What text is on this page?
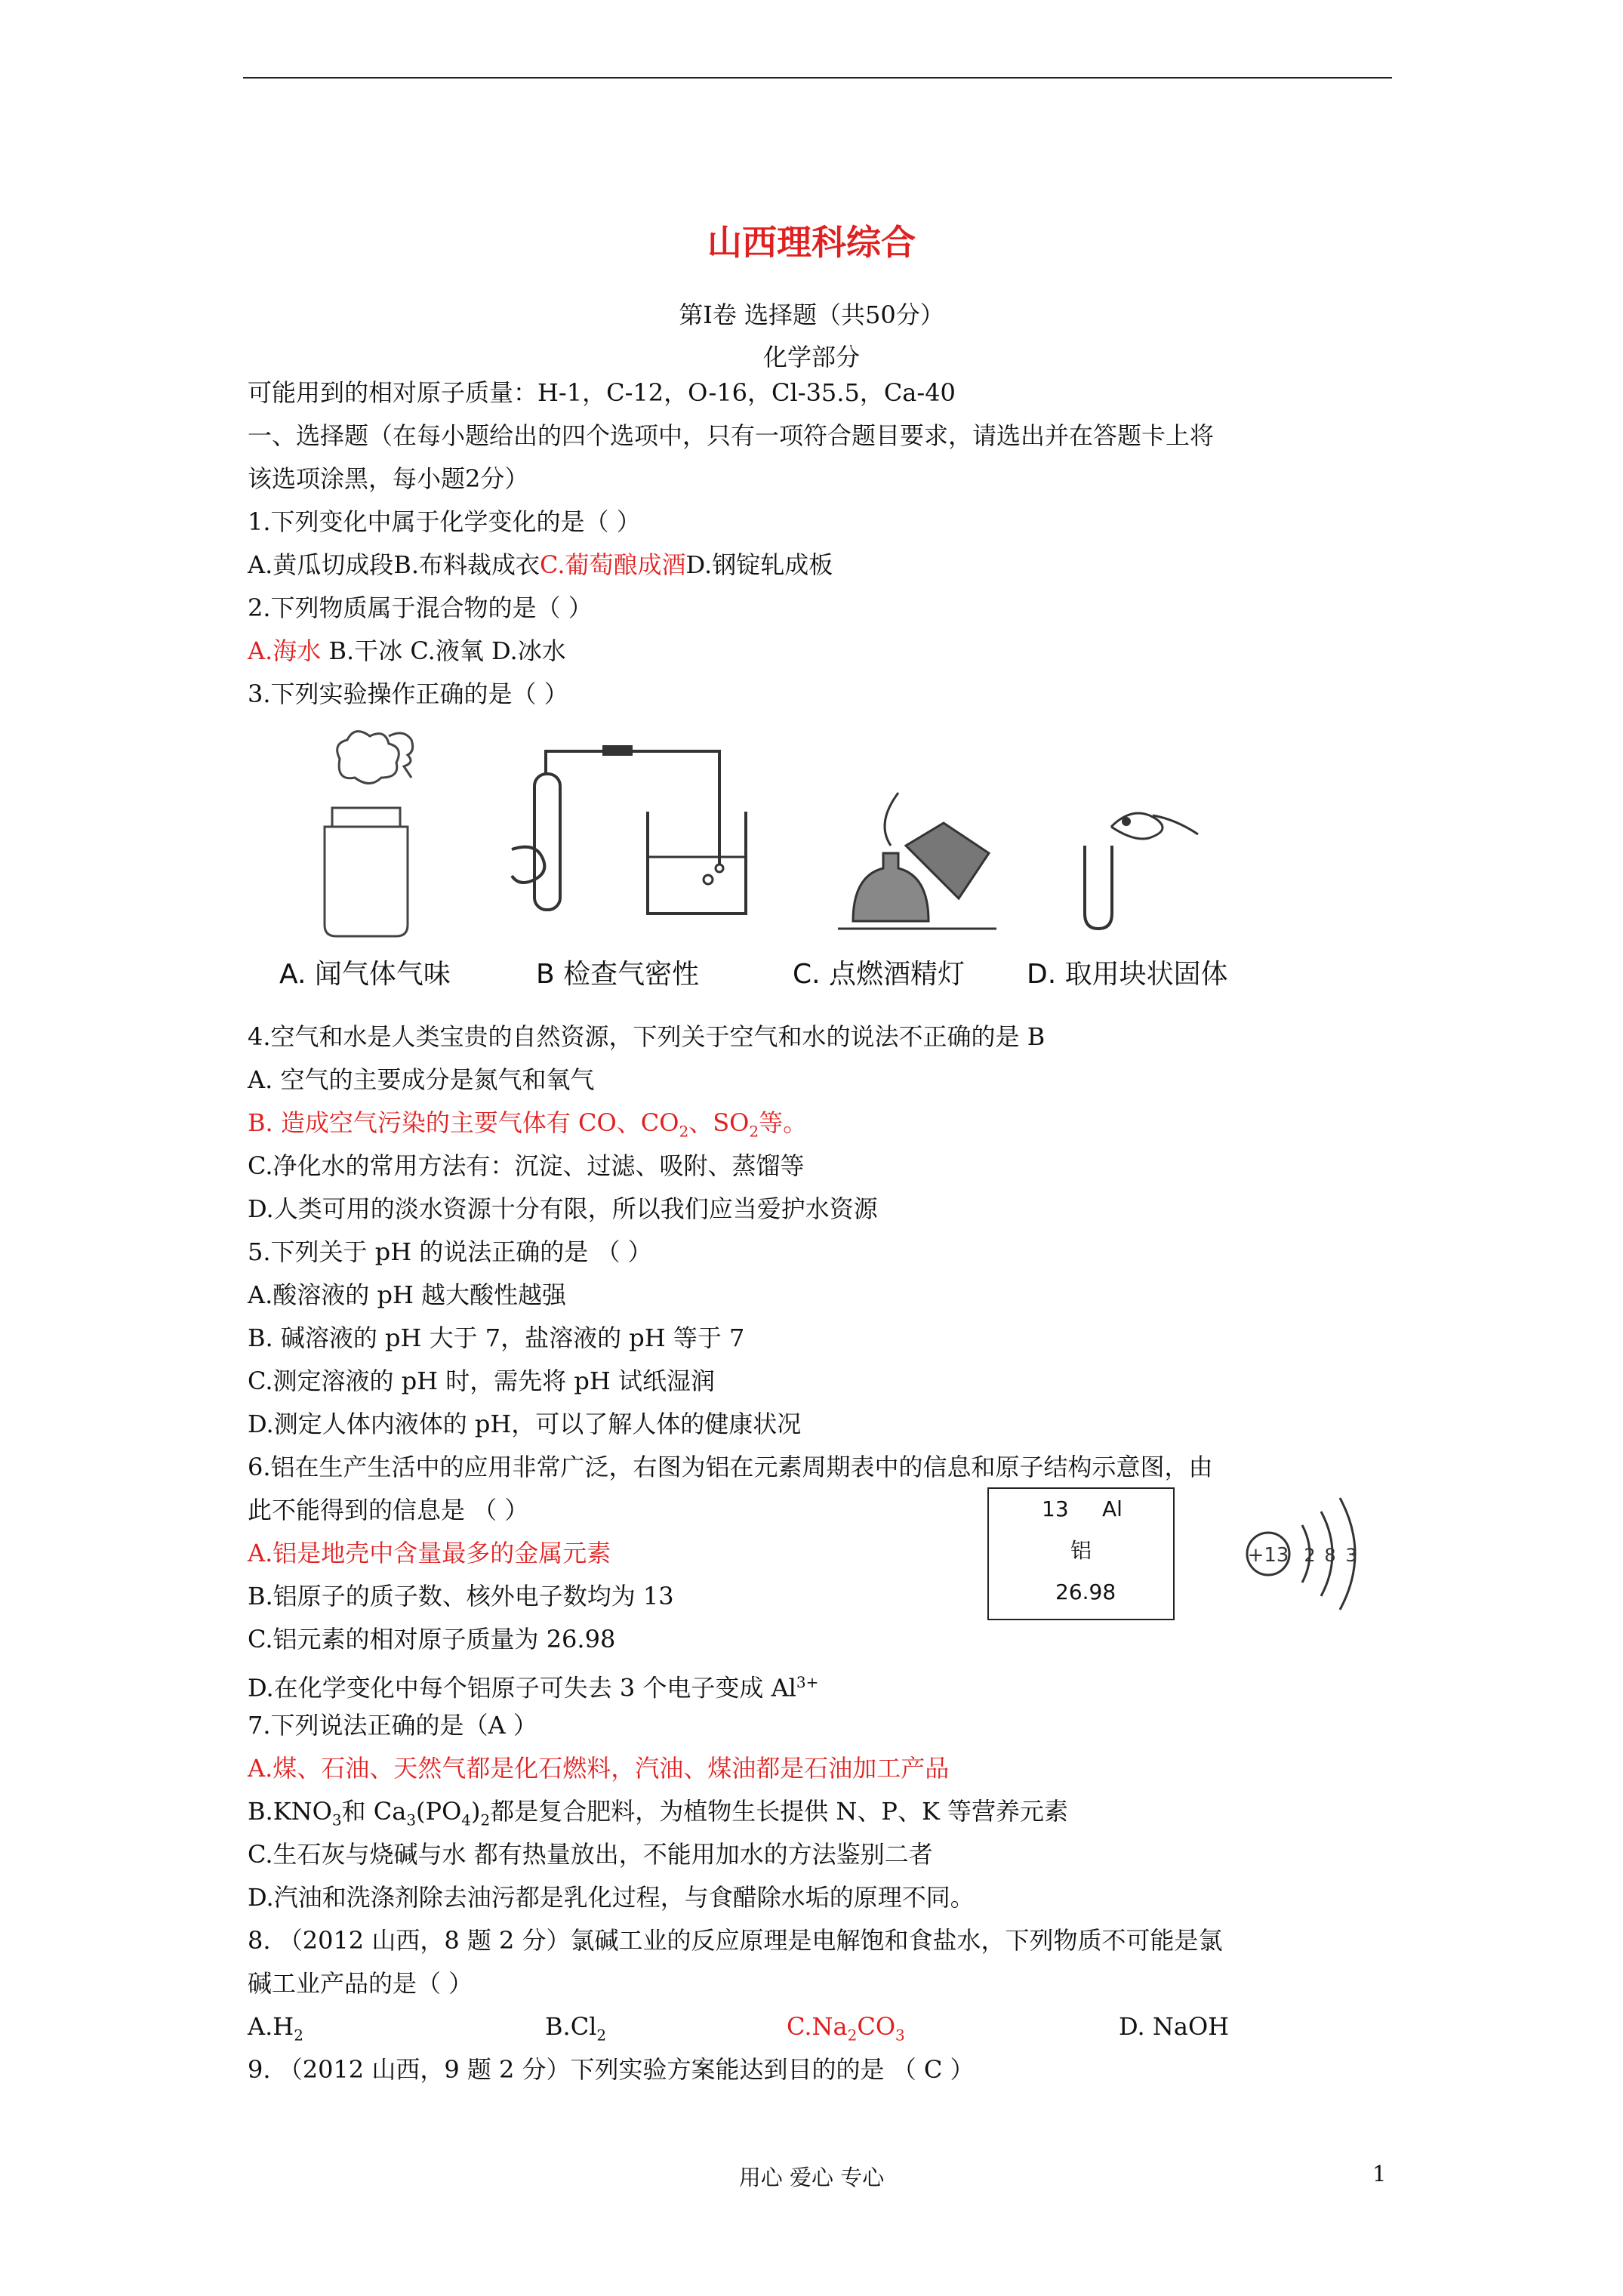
山西理科综合
第Ⅰ卷 选择题（共50分）
化学部分
可能用到的相对原子质量：H-1，C-12，O-16，Cl-35.5，Ca-40
一、选择题（在每小题给出的四个选项中，只有一项符合题目要求，请选出并在答题卡上将
该选项涂黑，每小题2分）
1.下列变化中属于化学变化的是（ ）
A.黄瓜切成段B.布料裁成衣C.葡萄酿成酒D.钢锭轧成板
2.下列物质属于混合物的是（ ）
A.海水 B.干冰 C.液氧 D.冰水
3.下列实验操作正确的是（ ）
A. 闻气体气味	B 检查气密性	C. 点燃酒精灯 D. 取用块状固体
4.空气和水是人类宝贵的自然资源，下列关于空气和水的说法不正确的是 B
A. 空气的主要成分是氮气和氧气
B. 造成空气污染的主要气体有 CO、$CO_2$、$SO_2$等。
C.净化水的常用方法有：沉淀、过滤、吸附、蒸馏等
D.人类可用的淡水资源十分有限，所以我们应当爱护水资源
5.下列关于 pH 的说法正确的是 （ ）
A.酸溶液的 pH 越大酸性越强
B. 碱溶液的 pH 大于 7，盐溶液的 pH 等于 7
C.测定溶液的 pH 时，需先将 pH 试纸湿润
D.测定人体内液体的 pH，可以了解人体的健康状况
6.铝在生产生活中的应用非常广泛，右图为铝在元素周期表中的信息和原子结构示意图，由
此不能得到的信息是 （ ）
A.铝是地壳中含量最多的金属元素
B.铝原子的质子数、核外电子数均为 13
C.铝元素的相对原子质量为 26.98
D.在化学变化中每个铝原子可失去 3 个电子变成 $Al^{3+}$
13 Al
铝
26.98
+13 2 8 3
7.下列说法正确的是（A ）
A.煤、石油、天然气都是化石燃料，汽油、煤油都是石油加工产品
$B.KNO_3$和 $Ca_3(PO_4)_2$都是复合肥料，为植物生长提供 N、P、K 等营养元素
C.生石灰与烧碱与水 都有热量放出，不能用加水的方法鉴别二者
D.汽油和洗涤剂除去油污都是乳化过程，与食醋除水垢的原理不同。
8. （2012 山西，8 题 2 分）氯碱工业的反应原理是电解饱和食盐水，下列物质不可能是氯
碱工业产品的是（ ）
$A.H_2$	$B.Cl_2$	$C.Na_2CO_3$	D. NaOH
9. （2012 山西，9 题 2 分）下列实验方案能达到目的的是 （ C ）
用心 爱心 专心	1
